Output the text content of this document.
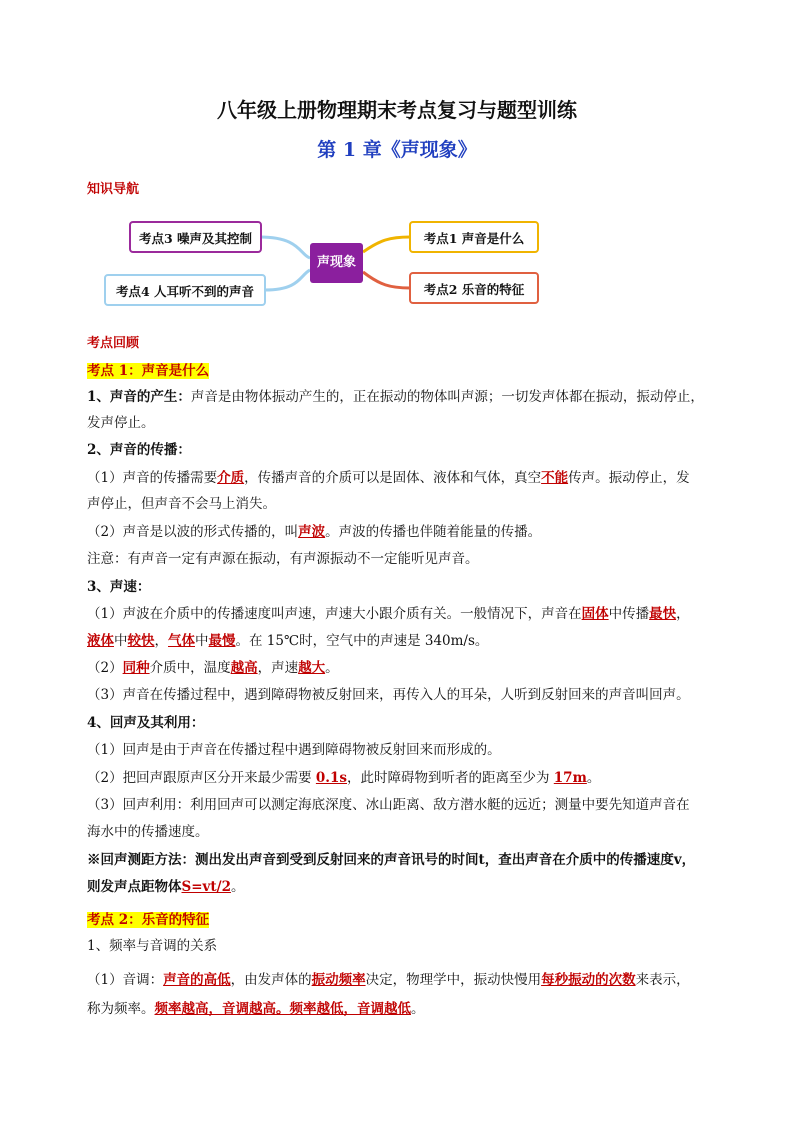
八年级上册物理期末考点复习与题型训练
第 1 章《声现象》
知识导航
考点3 噪声及其控制
考点4 人耳听不到的声音
声现象
考点1 声音是什么
考点2 乐音的特征
考点回顾
考点 1：声音是什么
1、声音的产生：声音是由物体振动产生的，正在振动的物体叫声源；一切发声体都在振动，振动停止，
发声停止。
2、声音的传播：
（1）声音的传播需要介质，传播声音的介质可以是固体、液体和气体，真空不能传声。振动停止，发
声停止，但声音不会马上消失。
（2）声音是以波的形式传播的，叫声波。声波的传播也伴随着能量的传播。
注意：有声音一定有声源在振动，有声源振动不一定能听见声音。
3、声速：
（1）声波在介质中的传播速度叫声速，声速大小跟介质有关。一般情况下，声音在固体中传播最快，
液体中较快，气体中最慢。在 15℃时，空气中的声速是 340m/s。
（2）同种介质中，温度越高，声速越大。
（3）声音在传播过程中，遇到障碍物被反射回来，再传入人的耳朵，人听到反射回来的声音叫回声。
4、回声及其利用：
（1）回声是由于声音在传播过程中遇到障碍物被反射回来而形成的。
（2）把回声跟原声区分开来最少需要 0.1s，此时障碍物到听者的距离至少为 17m。
（3）回声利用：利用回声可以测定海底深度、冰山距离、敌方潜水艇的远近；测量中要先知道声音在
海水中的传播速度。
※回声测距方法：测出发出声音到受到反射回来的声音讯号的时间t，查出声音在介质中的传播速度v，
则发声点距物体S=vt/2。
考点 2：乐音的特征
1、频率与音调的关系
（1）音调：声音的高低，由发声体的振动频率决定，物理学中，振动快慢用每秒振动的次数来表示，
称为频率。频率越高，音调越高。频率越低，音调越低。
